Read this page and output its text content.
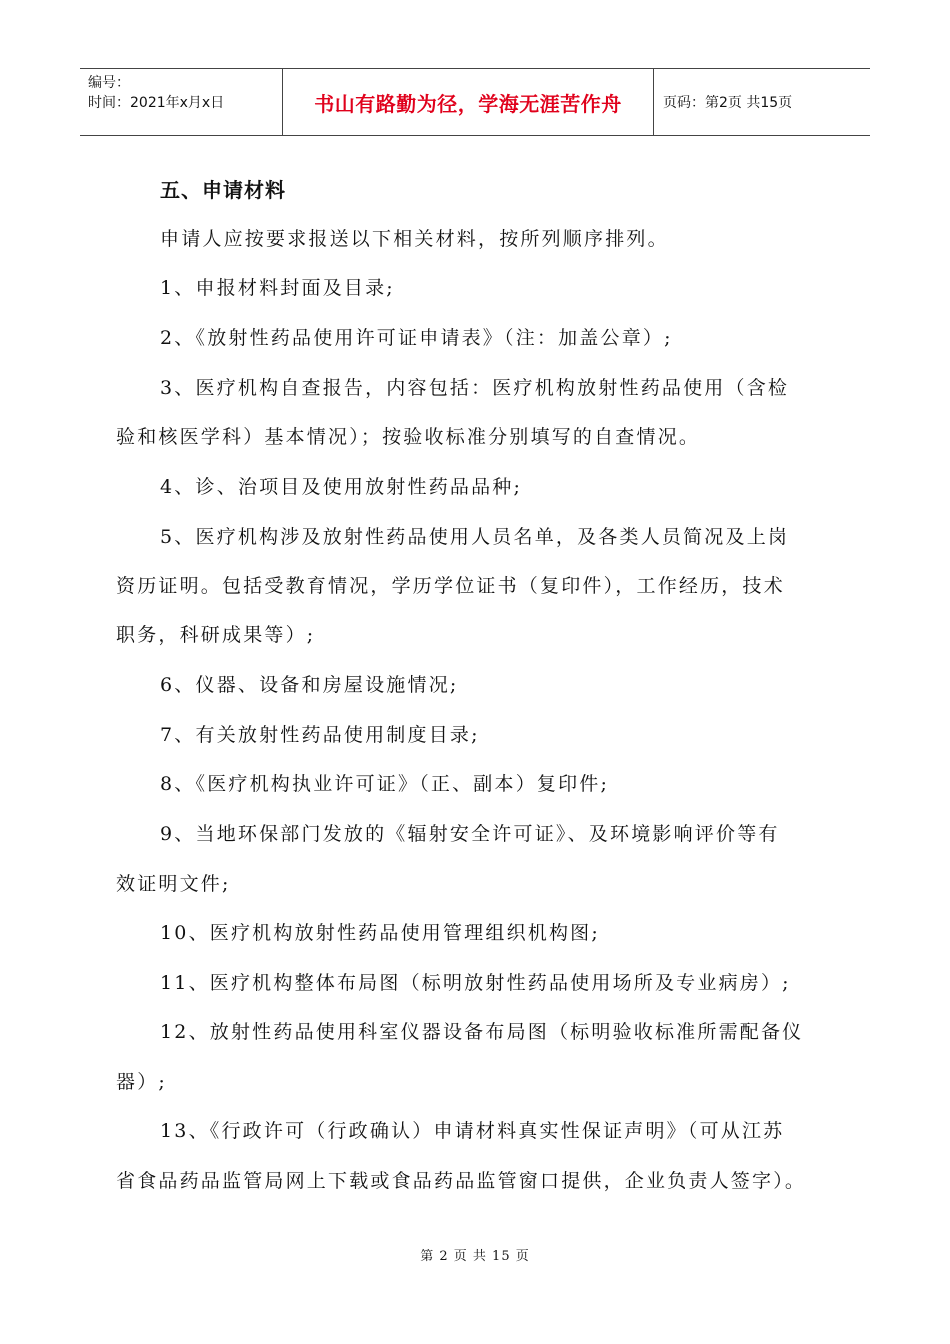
编号：
时间：2021年x月x日	书山有路勤为径，学海无涯苦作舟	页码：第2页 共15页
五、申请材料
申请人应按要求报送以下相关材料，按所列顺序排列。
1、申报材料封面及目录;
2、《放射性药品使用许可证申请表》（注：加盖公章）;
3、医疗机构自查报告，内容包括：医疗机构放射性药品使用（含检
验和核医学科）基本情况）；按验收标准分别填写的自查情况。
4、诊、治项目及使用放射性药品品种;
5、医疗机构涉及放射性药品使用人员名单，及各类人员简况及上岗
资历证明。包括受教育情况，学历学位证书（复印件），工作经历，技术
职务，科研成果等）;
6、仪器、设备和房屋设施情况;
7、有关放射性药品使用制度目录;
8、《医疗机构执业许可证》（正、副本）复印件;
9、当地环保部门发放的《辐射安全许可证》、及环境影响评价等有
效证明文件;
10、医疗机构放射性药品使用管理组织机构图;
11、医疗机构整体布局图（标明放射性药品使用场所及专业病房）;
12、放射性药品使用科室仪器设备布局图（标明验收标准所需配备仪
器）;
13、《行政许可（行政确认）申请材料真实性保证声明》（可从江苏
省食品药品监管局网上下载或食品药品监管窗口提供，企业负责人签字）。
第 2 页 共 15 页
